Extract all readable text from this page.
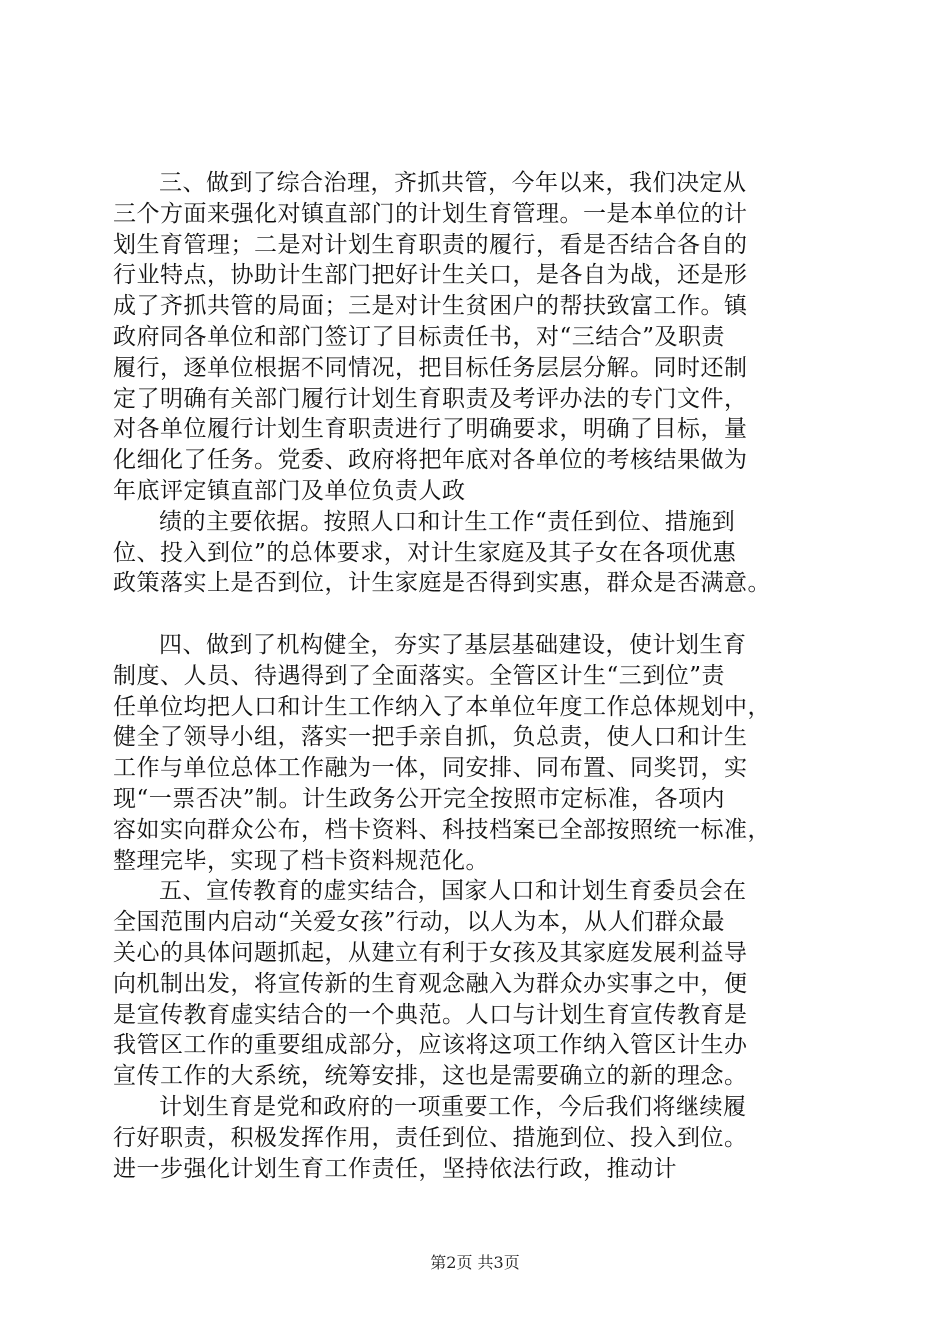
三、做到了综合治理，齐抓共管，今年以来，我们决定从
三个方面来强化对镇直部门的计划生育管理。一是本单位的计
划生育管理；二是对计划生育职责的履行，看是否结合各自的
行业特点，协助计生部门把好计生关口，是各自为战，还是形
成了齐抓共管的局面；三是对计生贫困户的帮扶致富工作。镇
政府同各单位和部门签订了目标责任书，对“三结合”及职责
履行，逐单位根据不同情况，把目标任务层层分解。同时还制
定了明确有关部门履行计划生育职责及考评办法的专门文件，
对各单位履行计划生育职责进行了明确要求，明确了目标，量
化细化了任务。党委、政府将把年底对各单位的考核结果做为
年底评定镇直部门及单位负责人政
绩的主要依据。按照人口和计生工作“责任到位、措施到
位、投入到位”的总体要求，对计生家庭及其子女在各项优惠
政策落实上是否到位，计生家庭是否得到实惠，群众是否满意。
四、做到了机构健全，夯实了基层基础建设，使计划生育
制度、人员、待遇得到了全面落实。全管区计生“三到位”责
任单位均把人口和计生工作纳入了本单位年度工作总体规划中，
健全了领导小组，落实一把手亲自抓，负总责，使人口和计生
工作与单位总体工作融为一体，同安排、同布置、同奖罚，实
现“一票否决”制。计生政务公开完全按照市定标准，各项内
容如实向群众公布，档卡资料、科技档案已全部按照统一标准，
整理完毕，实现了档卡资料规范化。
五、宣传教育的虚实结合，国家人口和计划生育委员会在
全国范围内启动“关爱女孩”行动，以人为本，从人们群众最
关心的具体问题抓起，从建立有利于女孩及其家庭发展利益导
向机制出发，将宣传新的生育观念融入为群众办实事之中，便
是宣传教育虚实结合的一个典范。人口与计划生育宣传教育是
我管区工作的重要组成部分，应该将这项工作纳入管区计生办
宣传工作的大系统，统筹安排，这也是需要确立的新的理念。
计划生育是党和政府的一项重要工作，今后我们将继续履
行好职责，积极发挥作用，责任到位、措施到位、投入到位。
进一步强化计划生育工作责任，坚持依法行政，推动计
第2页 共3页
